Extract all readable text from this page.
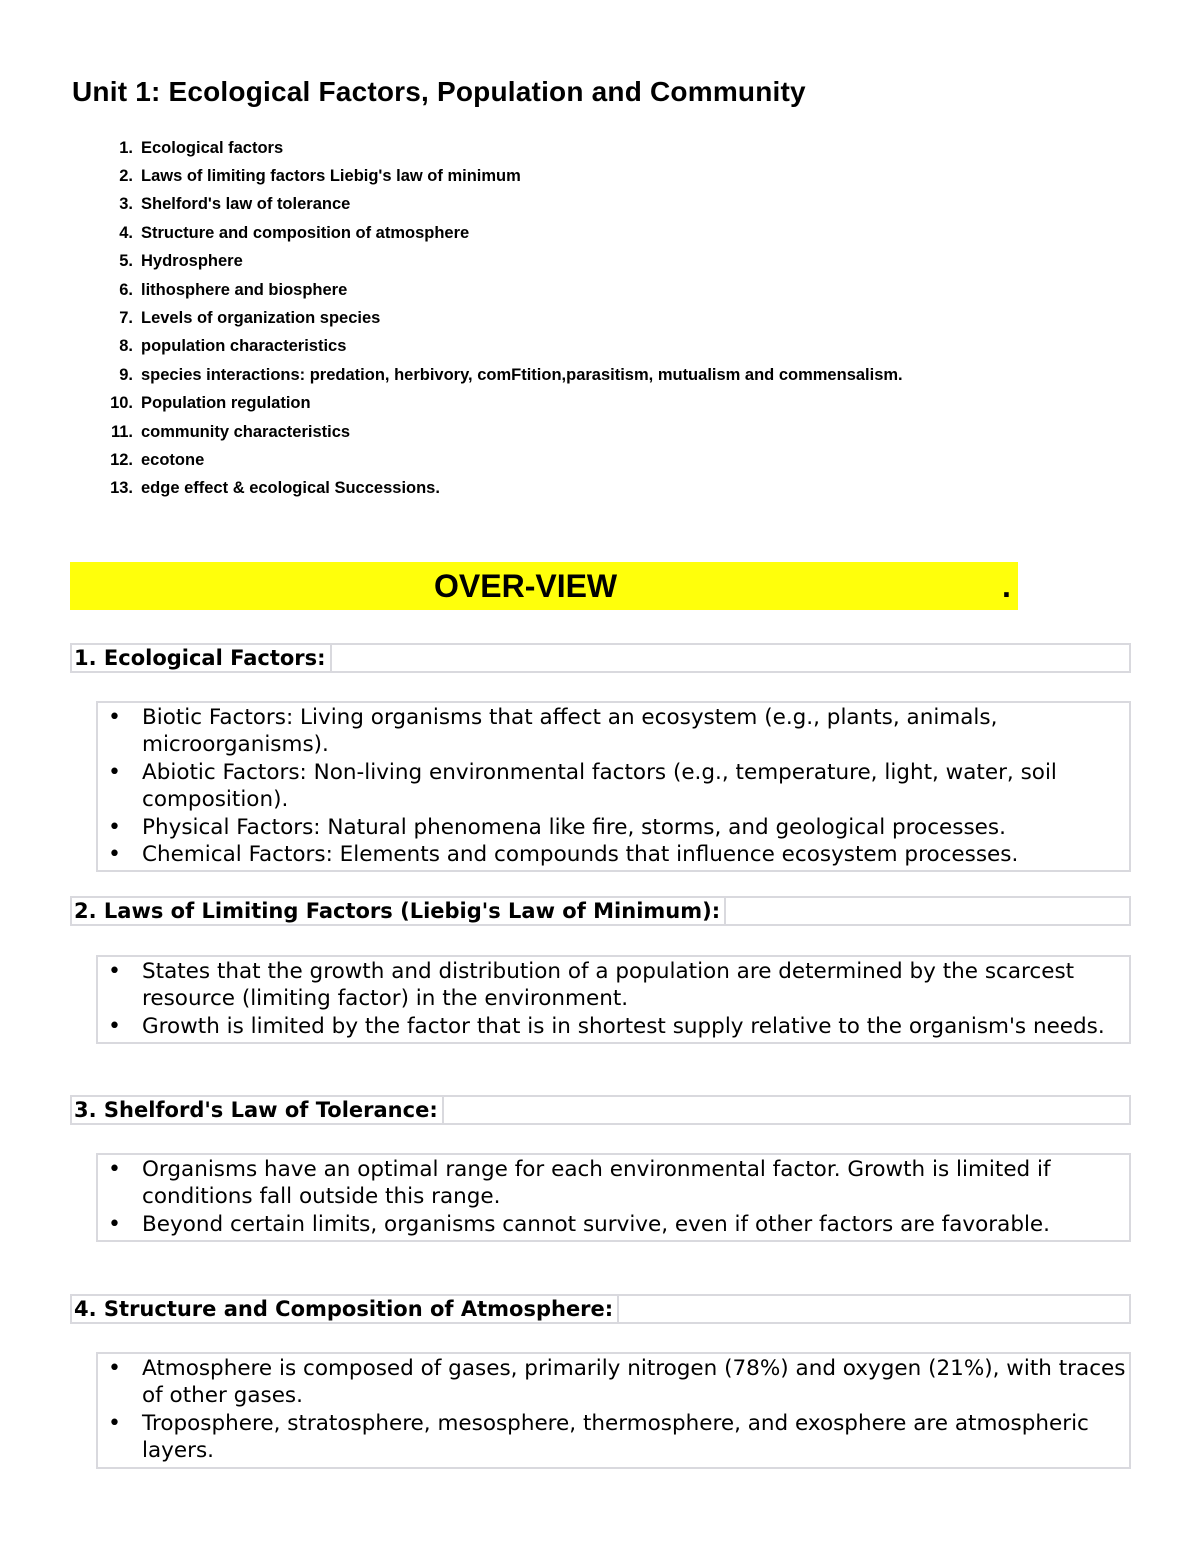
Unit 1: Ecological Factors, Population and Community
1. Ecological factors
2. Laws of limiting factors Liebig's law of minimum
3. Shelford's law of tolerance
4. Structure and composition of atmosphere
5. Hydrosphere
6. lithosphere and biosphere
7. Levels of organization species
8. population characteristics
9. species interactions: predation, herbivory, comFtition,parasitism, mutualism and commensalism.
10. Population regulation
11. community characteristics
12. ecotone
13. edge effect & ecological Successions.
OVER-VIEW	.
1. Ecological Factors:
• Biotic Factors: Living organisms that affect an ecosystem (e.g., plants, animals, microorganisms).
• Abiotic Factors: Non-living environmental factors (e.g., temperature, light, water, soil composition).
• Physical Factors: Natural phenomena like fire, storms, and geological processes.
• Chemical Factors: Elements and compounds that influence ecosystem processes.
2. Laws of Limiting Factors (Liebig's Law of Minimum):
• States that the growth and distribution of a population are determined by the scarcest resource (limiting factor) in the environment.
• Growth is limited by the factor that is in shortest supply relative to the organism's needs.
3. Shelford's Law of Tolerance:
• Organisms have an optimal range for each environmental factor. Growth is limited if conditions fall outside this range.
• Beyond certain limits, organisms cannot survive, even if other factors are favorable.
4. Structure and Composition of Atmosphere:
• Atmosphere is composed of gases, primarily nitrogen (78%) and oxygen (21%), with traces of other gases.
• Troposphere, stratosphere, mesosphere, thermosphere, and exosphere are atmospheric layers.
